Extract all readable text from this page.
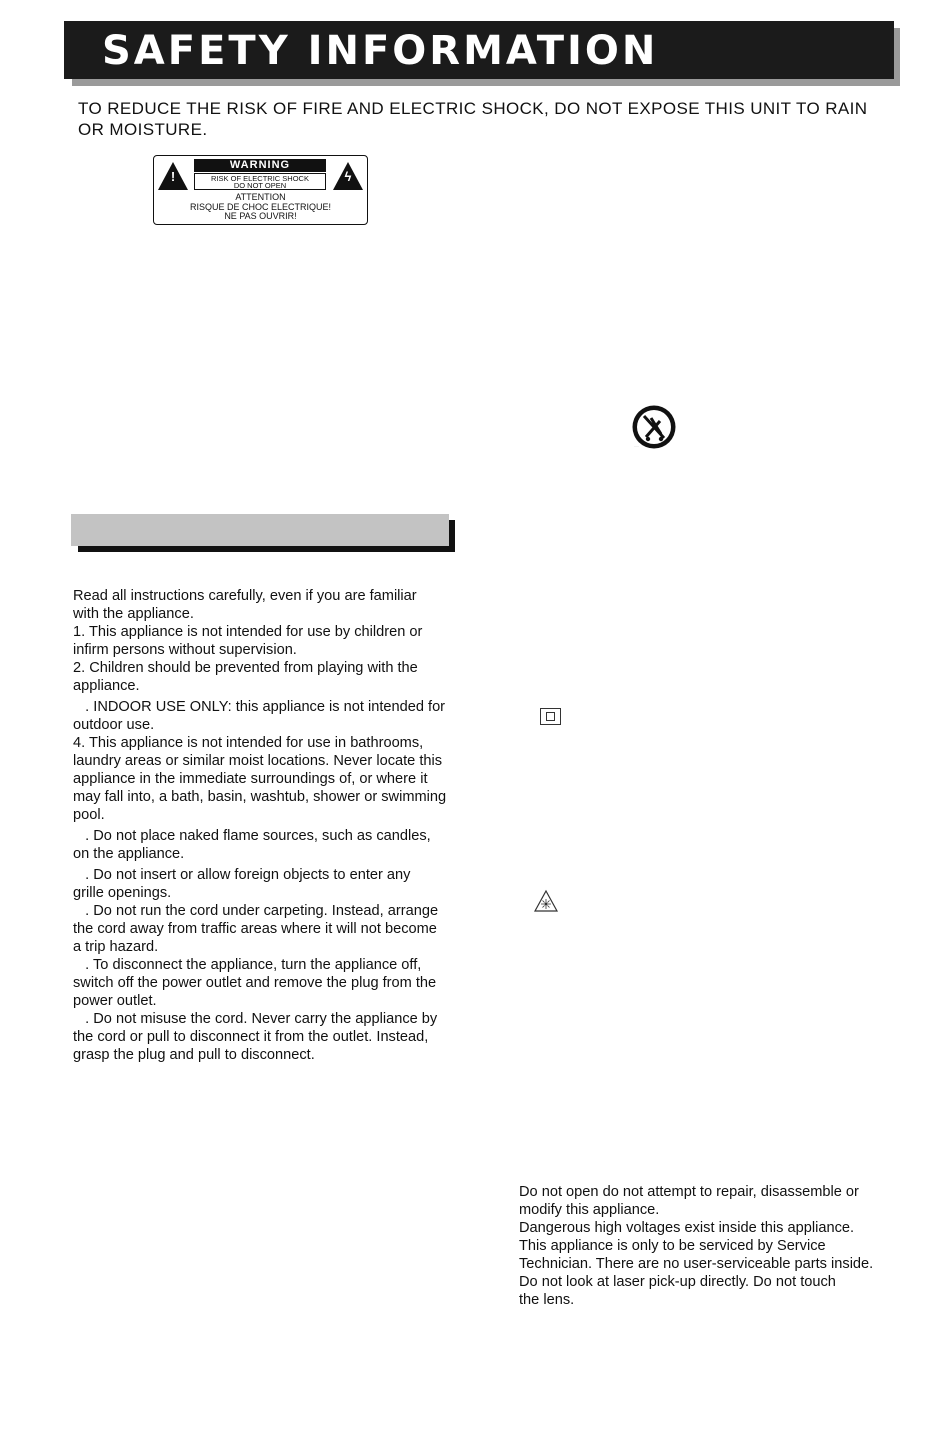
SAFETY INFORMATION

TO REDUCE THE RISK OF FIRE AND ELECTRIC SHOCK, DO NOT EXPOSE THIS UNIT TO RAIN OR MOISTURE.

!	ϟ
WARNING
RISK OF ELECTRIC SHOCK
DO NOT OPEN
ATTENTION
RISQUE DE CHOC ELECTRIQUE!
NE PAS OUVRIR!
·····

Read all instructions carefully, even if you are familiar

with the appliance.

1. This appliance is not intended for use by children or

infirm persons without supervision.

2. Children should be prevented from playing with the

appliance.

. INDOOR USE ONLY: this appliance is not intended for

outdoor use.

4. This appliance is not intended for use in bathrooms,

laundry areas or similar moist locations. Never locate this

appliance in the immediate surroundings of, or where it

may fall into, a bath, basin, washtub, shower or swimming

pool.

. Do not place naked flame sources, such as candles,

on the appliance.

. Do not insert or allow foreign objects to enter any

grille openings.

. Do not run the cord under carpeting. Instead, arrange

the cord away from traffic areas where it will not become

a trip hazard.

. To disconnect the appliance, turn the appliance off,

switch off the power outlet and remove the plug from the

power outlet.

. Do not misuse the cord. Never carry the appliance by

the cord or pull to disconnect it from the outlet. Instead,

grasp the plug and pull to disconnect.

Do not open do not attempt to repair, disassemble or

modify this appliance.

Dangerous high voltages exist inside this appliance.

This appliance is only to be serviced by Service

Technician. There are no user-serviceable parts inside.

Do not look at laser pick-up directly. Do not touch

the lens.
